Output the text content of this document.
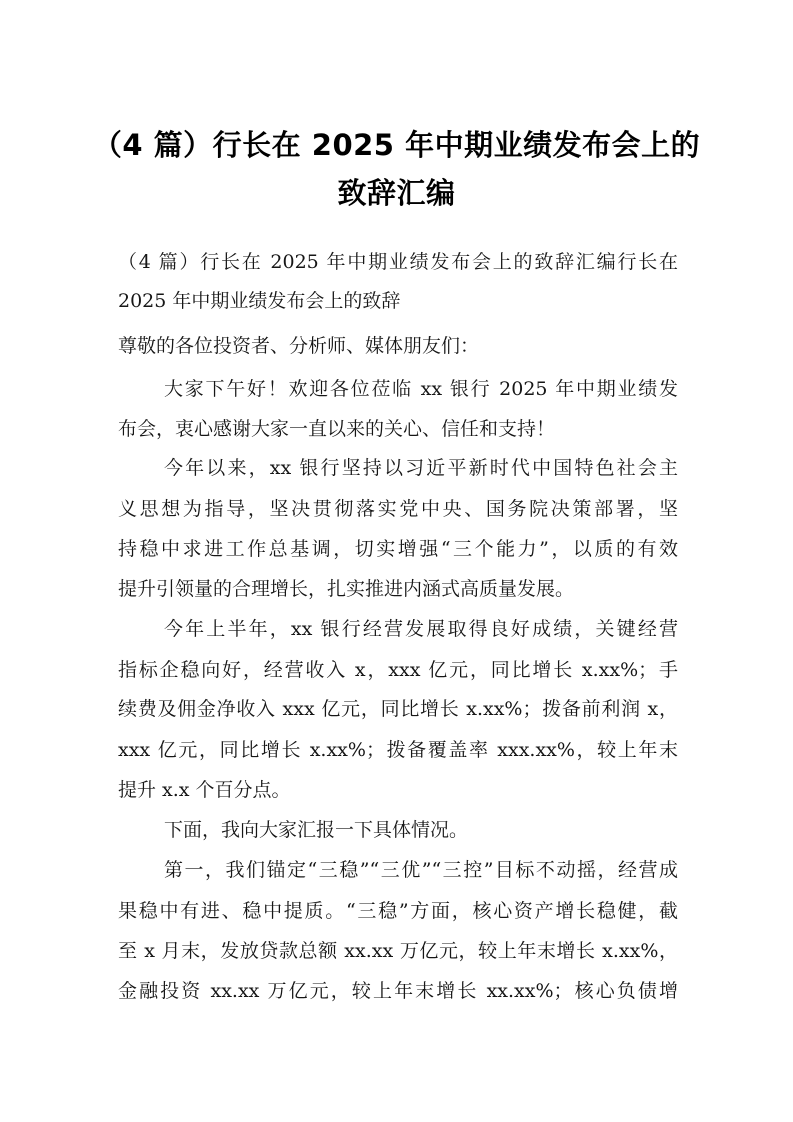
（4 篇）行长在 2025 年中期业绩发布会上的
致辞汇编
（4 篇）行长在 2025 年中期业绩发布会上的致辞汇编行长在
2025 年中期业绩发布会上的致辞
尊敬的各位投资者、分析师、媒体朋友们：
大家下午好！欢迎各位莅临 xx 银行 2025 年中期业绩发
布会，衷心感谢大家一直以来的关心、信任和支持！
今年以来，xx 银行坚持以习近平新时代中国特色社会主
义思想为指导，坚决贯彻落实党中央、国务院决策部署，坚
持稳中求进工作总基调，切实增强“三个能力”，以质的有效
提升引领量的合理增长，扎实推进内涵式高质量发展。
今年上半年，xx 银行经营发展取得良好成绩，关键经营
指标企稳向好，经营收入 x，xxx 亿元，同比增长 x.xx%；手
续费及佣金净收入 xxx 亿元，同比增长 x.xx%；拨备前利润 x，
xxx 亿元，同比增长 x.xx%；拨备覆盖率 xxx.xx%，较上年末
提升 x.x 个百分点。
下面，我向大家汇报一下具体情况。
第一，我们锚定“三稳”“三优”“三控”目标不动摇，经营成
果稳中有进、稳中提质。“三稳”方面，核心资产增长稳健，截
至 x 月末，发放贷款总额 xx.xx 万亿元，较上年末增长 x.xx%，
金融投资 xx.xx 万亿元，较上年末增长 xx.xx%；核心负债增
